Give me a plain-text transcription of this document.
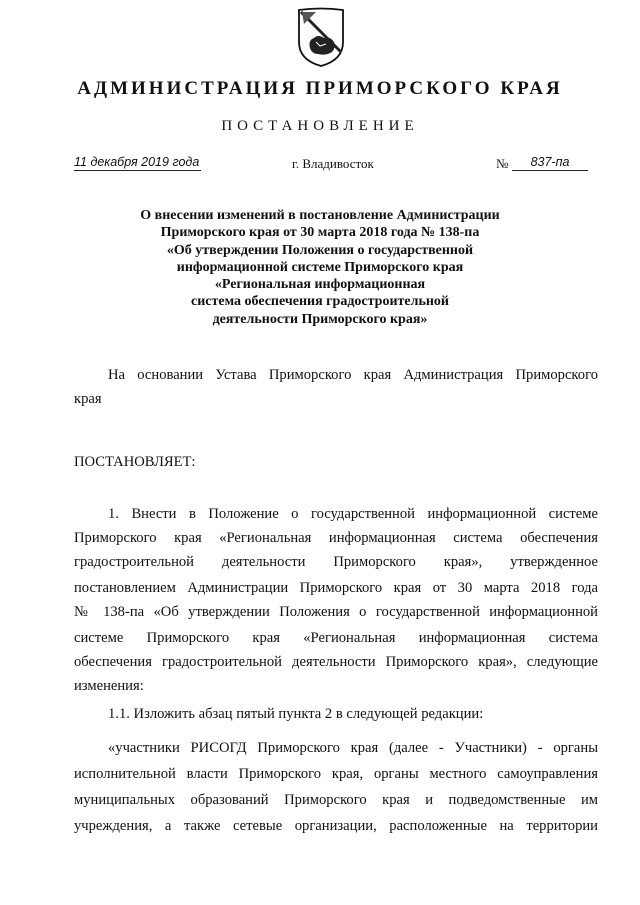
АДМИНИСТРАЦИЯ ПРИМОРСКОГО КРАЯ
ПОСТАНОВЛЕНИЕ
11 декабря 2019 года	г. Владивосток	№	837-па
О внесении изменений в постановление Администрации
Приморского края от 30 марта 2018 года № 138-па
«Об утверждении Положения о государственной
информационной системе Приморского края
«Региональная информационная
система обеспечения градостроительной
деятельности Приморского края»
На основании Устава Приморского края Администрация Приморского
края
ПОСТАНОВЛЯЕТ:
1. Внести в Положение о государственной информационной системе
Приморского края «Региональная информационная система обеспечения
градостроительной деятельности Приморского края», утвержденное
постановлением Администрации Приморского края от 30 марта 2018 года
№ 138-па «Об утверждении Положения о государственной информационной
системе Приморского края «Региональная информационная система
обеспечения градостроительной деятельности Приморского края», следующие
изменения:
1.1. Изложить абзац пятый пункта 2 в следующей редакции:
«участники РИСОГД Приморского края (далее - Участники) - органы
исполнительной власти Приморского края, органы местного самоуправления
муниципальных образований Приморского края и подведомственные им
учреждения, а также сетевые организации, расположенные на территории
